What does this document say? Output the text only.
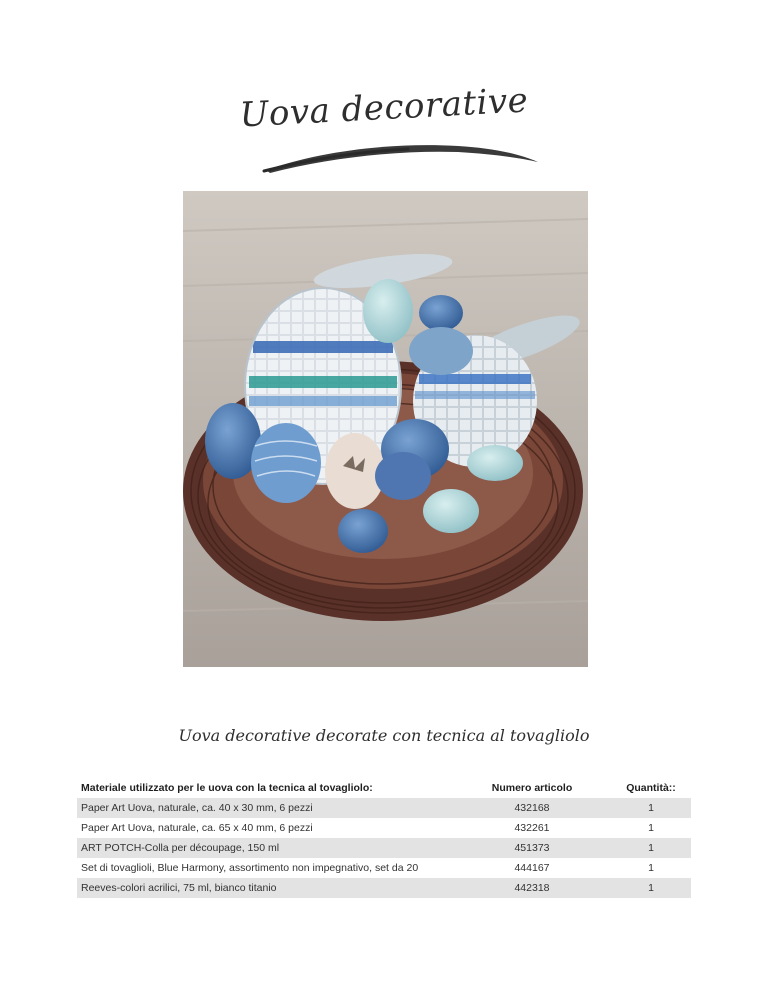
Uova decorative
Uova decorative decorate con tecnica al tovagliolo
Materiale utilizzato per le uova con la tecnica al tovagliolo:	Numero articolo	Quantità::
Paper Art Uova, naturale, ca. 40 x 30 mm, 6 pezzi	432168	1
Paper Art Uova, naturale, ca. 65 x 40 mm, 6 pezzi	432261	1
ART POTCH-Colla per découpage, 150 ml	451373	1
Set di tovaglioli, Blue Harmony, assortimento non impegnativo, set da 20	444167	1
Reeves-colori acrilici, 75 ml, bianco titanio	442318	1
